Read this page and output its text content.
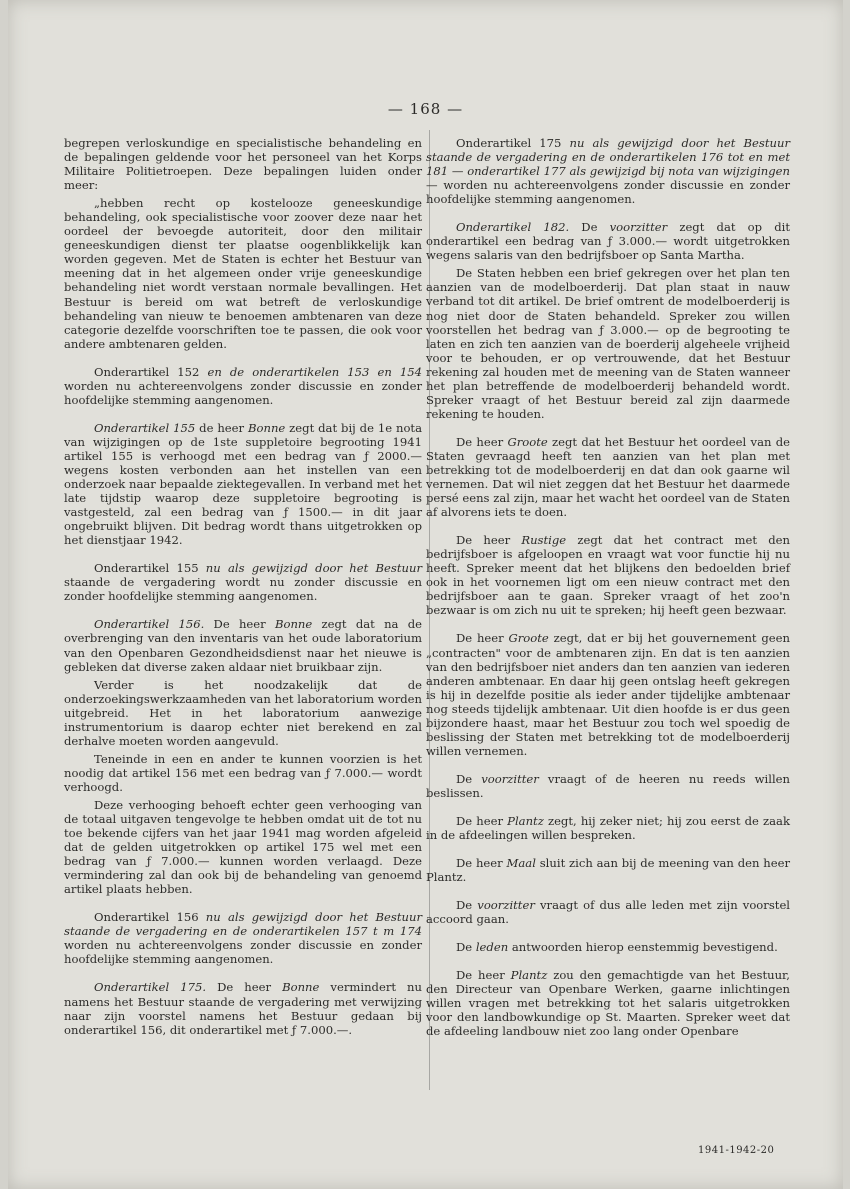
— 168 —

begrepen verloskundige en specialistische behandeling en de bepalingen geldende voor het personeel van het Korps Militaire Politietroepen. Deze bepalingen luiden onder meer:

„hebben recht op kostelooze geneeskundige behandeling, ook specialistische voor zoover deze naar het oordeel der bevoegde autoriteit, door den militair geneeskundigen dienst ter plaatse oogenblikkelijk kan worden gegeven. Met de Staten is echter het Bestuur van meening dat in het algemeen onder vrije geneeskundige behandeling niet wordt verstaan normale bevallingen. Het Bestuur is bereid om wat betreft de verloskundige behandeling van nieuw te benoemen ambtenaren van deze categorie dezelfde voorschriften toe te passen, die ook voor andere ambtenaren gelden.

Onderartikel 152 en de onderartikelen 153 en 154 worden nu achtereenvolgens zonder discussie en zonder hoofdelijke stemming aangenomen.

Onderartikel 155 de heer Bonne zegt dat bij de 1e nota van wijzigingen op de 1ste suppletoire begrooting 1941 artikel 155 is verhoogd met een bedrag van ƒ 2000.— wegens kosten verbonden aan het instellen van een onderzoek naar bepaalde ziektegevallen. In verband met het late tijdstip waarop deze suppletoire begrooting is vastgesteld, zal een bedrag van ƒ 1500.— in dit jaar ongebruikt blijven. Dit bedrag wordt thans uitgetrokken op het dienstjaar 1942.

Onderartikel 155 nu als gewijzigd door het Bestuur staande de vergadering wordt nu zonder discussie en zonder hoofdelijke stemming aangenomen.

Onderartikel 156. De heer Bonne zegt dat na de overbrenging van den inventaris van het oude laboratorium van den Openbaren Gezondheidsdienst naar het nieuwe is gebleken dat diverse zaken aldaar niet bruikbaar zijn.

Verder is het noodzakelijk dat de onderzoekingswerkzaamheden van het laboratorium worden uitgebreid. Het in het laboratorium aanwezige instrumentorium is daarop echter niet berekend en zal derhalve moeten worden aangevuld.

Teneinde in een en ander te kunnen voorzien is het noodig dat artikel 156 met een bedrag van ƒ 7.000.— wordt verhoogd.

Deze verhooging behoeft echter geen verhooging van de totaal uitgaven tengevolge te hebben omdat uit de tot nu toe bekende cijfers van het jaar 1941 mag worden afgeleid dat de gelden uitgetrokken op artikel 175 wel met een bedrag van ƒ 7.000.— kunnen worden verlaagd. Deze vermindering zal dan ook bij de behandeling van genoemd artikel plaats hebben.

Onderartikel 156 nu als gewijzigd door het Bestuur staande de vergadering en de onderartikelen 157 t m 174 worden nu achtereenvolgens zonder discussie en zonder hoofdelijke stemming aangenomen.

Onderartikel 175. De heer Bonne vermindert nu namens het Bestuur staande de vergadering met verwijzing naar zijn voorstel namens het Bestuur gedaan bij onderartikel 156, dit onderartikel met ƒ 7.000.—.

Onderartikel 175 nu als gewijzigd door het Bestuur staande de vergadering en de onderartikelen 176 tot en met 181 — onderartikel 177 als gewijzigd bij nota van wijzigingen — worden nu achtereenvolgens zonder discussie en zonder hoofdelijke stemming aangenomen.

Onderartikel 182. De voorzitter zegt dat op dit onderartikel een bedrag van ƒ 3.000.— wordt uitgetrokken wegens salaris van den bedrijfsboer op Santa Martha.

De Staten hebben een brief gekregen over het plan ten aanzien van de modelboerderij. Dat plan staat in nauw verband tot dit artikel. De brief omtrent de modelboerderij is nog niet door de Staten behandeld. Spreker zou willen voorstellen het bedrag van ƒ 3.000.— op de begrooting te laten en zich ten aanzien van de boerderij algeheele vrijheid voor te behouden, er op vertrouwende, dat het Bestuur rekening zal houden met de meening van de Staten wanneer het plan betreffende de modelboerderij behandeld wordt. Spreker vraagt of het Bestuur bereid zal zijn daarmede rekening te houden.

De heer Groote zegt dat het Bestuur het oordeel van de Staten gevraagd heeft ten aanzien van het plan met betrekking tot de modelboerderij en dat dan ook gaarne wil vernemen. Dat wil niet zeggen dat het Bestuur het daarmede persé eens zal zijn, maar het wacht het oordeel van de Staten af alvorens iets te doen.

De heer Rustige zegt dat het contract met den bedrijfsboer is afgeloopen en vraagt wat voor functie hij nu heeft. Spreker meent dat het blijkens den bedoelden brief ook in het voornemen ligt om een nieuw contract met den bedrijfsboer aan te gaan. Spreker vraagt of het zoo'n bezwaar is om zich nu uit te spreken; hij heeft geen bezwaar.

De heer Groote zegt, dat er bij het gouvernement geen „contracten" voor de ambtenaren zijn. En dat is ten aanzien van den bedrijfsboer niet anders dan ten aanzien van iederen anderen ambtenaar. En daar hij geen ontslag heeft gekregen is hij in dezelfde positie als ieder ander tijdelijke ambtenaar nog steeds tijdelijk ambtenaar. Uit dien hoofde is er dus geen bijzondere haast, maar het Bestuur zou toch wel spoedig de beslissing der Staten met betrekking tot de modelboerderij willen vernemen.

De voorzitter vraagt of de heeren nu reeds willen beslissen.

De heer Plantz zegt, hij zeker niet; hij zou eerst de zaak in de afdeelingen willen bespreken.

De heer Maal sluit zich aan bij de meening van den heer Plantz.

De voorzitter vraagt of dus alle leden met zijn voorstel accoord gaan.

De leden antwoorden hierop eenstemmig bevestigend.

De heer Plantz zou den gemachtigde van het Bestuur, den Directeur van Openbare Werken, gaarne inlichtingen willen vragen met betrekking tot het salaris uitgetrokken voor den landbowkundige op St. Maarten. Spreker weet dat de afdeeling landbouw niet zoo lang onder Openbare

1941-1942-20
